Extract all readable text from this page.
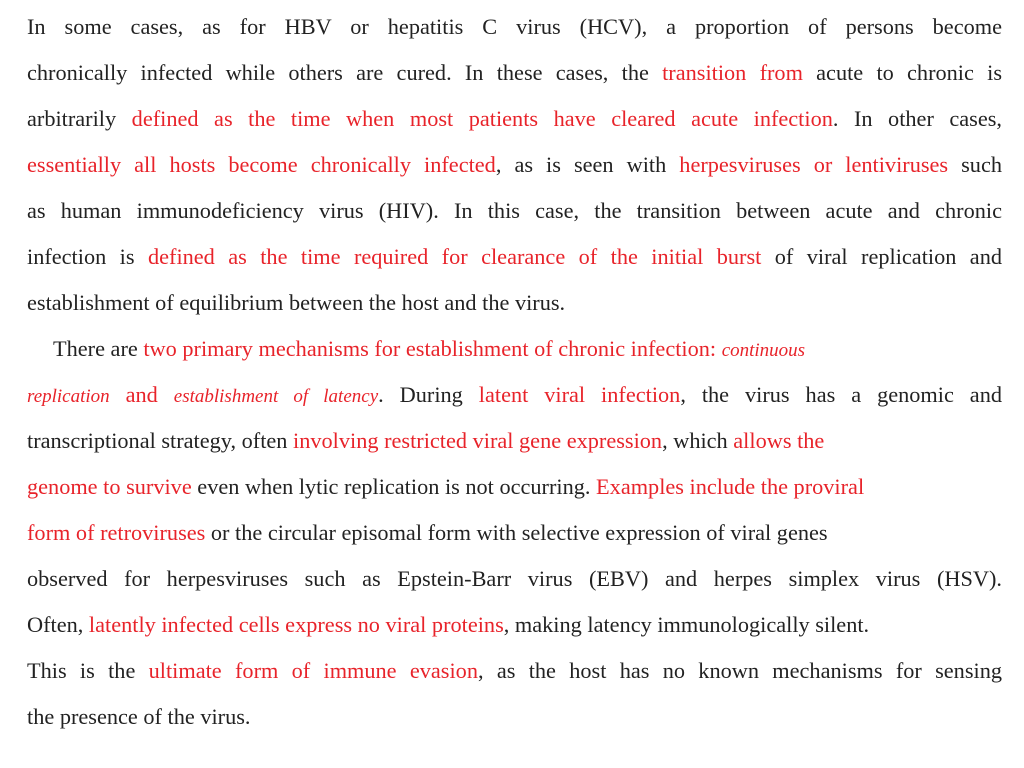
In some cases, as for HBV or hepatitis C virus (HCV), a proportion of persons become
chronically infected while others are cured. In these cases, the transition from acute to chronic is
arbitrarily defined as the time when most patients have cleared acute infection. In other cases,
essentially all hosts become chronically infected, as is seen with herpesviruses or lentiviruses such
as human immunodeficiency virus (HIV). In this case, the transition between acute and chronic
infection is defined as the time required for clearance of the initial burst of viral replication and
establishment of equilibrium between the host and the virus.
There are two primary mechanisms for establishment of chronic infection: continuous
replication and establishment of latency. During latent viral infection, the virus has a genomic and
transcriptional strategy, often involving restricted viral gene expression, which allows the
genome to survive even when lytic replication is not occurring. Examples include the proviral
form of retroviruses or the circular episomal form with selective expression of viral genes
observed for herpesviruses such as Epstein-Barr virus (EBV) and herpes simplex virus (HSV).
Often, latently infected cells express no viral proteins, making latency immunologically silent.
This is the ultimate form of immune evasion, as the host has no known mechanisms for sensing
the presence of the virus.
